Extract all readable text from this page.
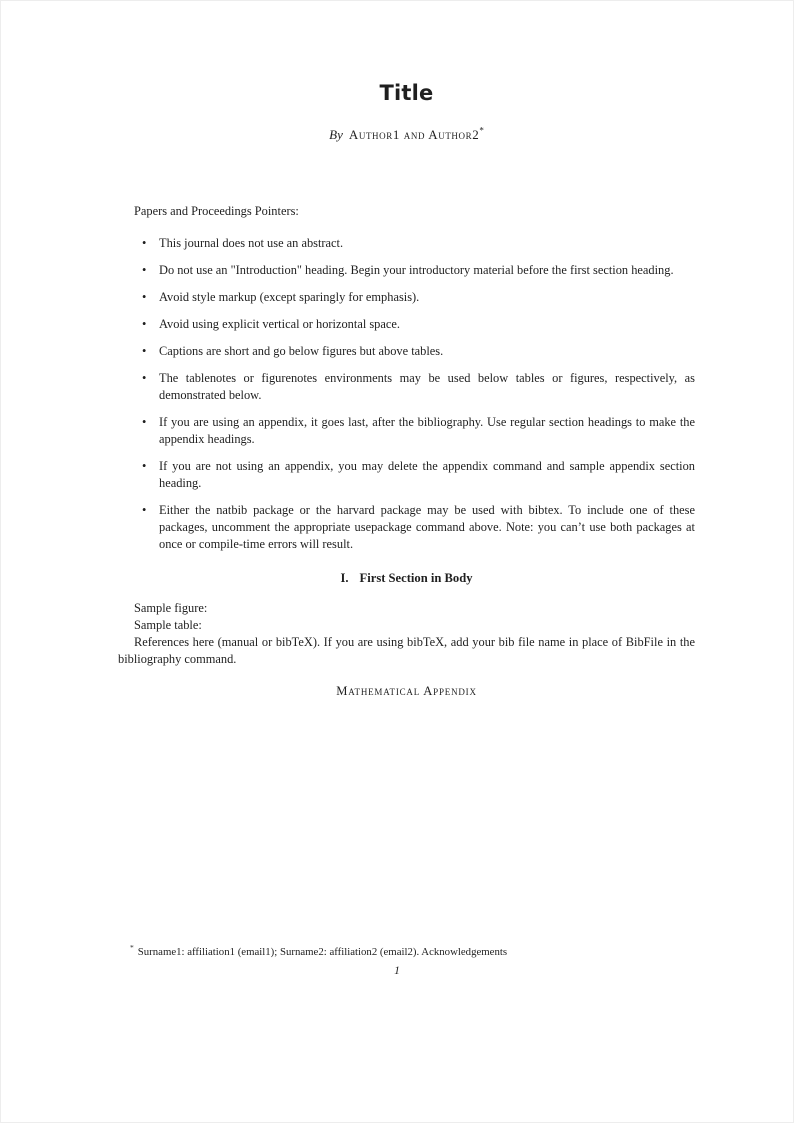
Title

By Author1 and Author2*

Papers and Proceedings Pointers:

• This journal does not use an abstract.
• Do not use an "Introduction" heading. Begin your introductory material before the first section heading.
• Avoid style markup (except sparingly for emphasis).
• Avoid using explicit vertical or horizontal space.
• Captions are short and go below figures but above tables.
• The tablenotes or figurenotes environments may be used below tables or figures, respectively, as demonstrated below.
• If you are using an appendix, it goes last, after the bibliography. Use regular section headings to make the appendix headings.
• If you are not using an appendix, you may delete the appendix command and sample appendix section heading.
• Either the natbib package or the harvard package may be used with bibtex. To include one of these packages, uncomment the appropriate usepackage command above. Note: you can’t use both packages at once or compile-time errors will result.
I. First Section in Body

Sample figure:

Sample table:

References here (manual or bibTeX). If you are using bibTeX, add your bib file name in place of BibFile in the bibliography command.

Mathematical Appendix
* Surname1: affiliation1 (email1); Surname2: affiliation2 (email2). Acknowledgements
1
